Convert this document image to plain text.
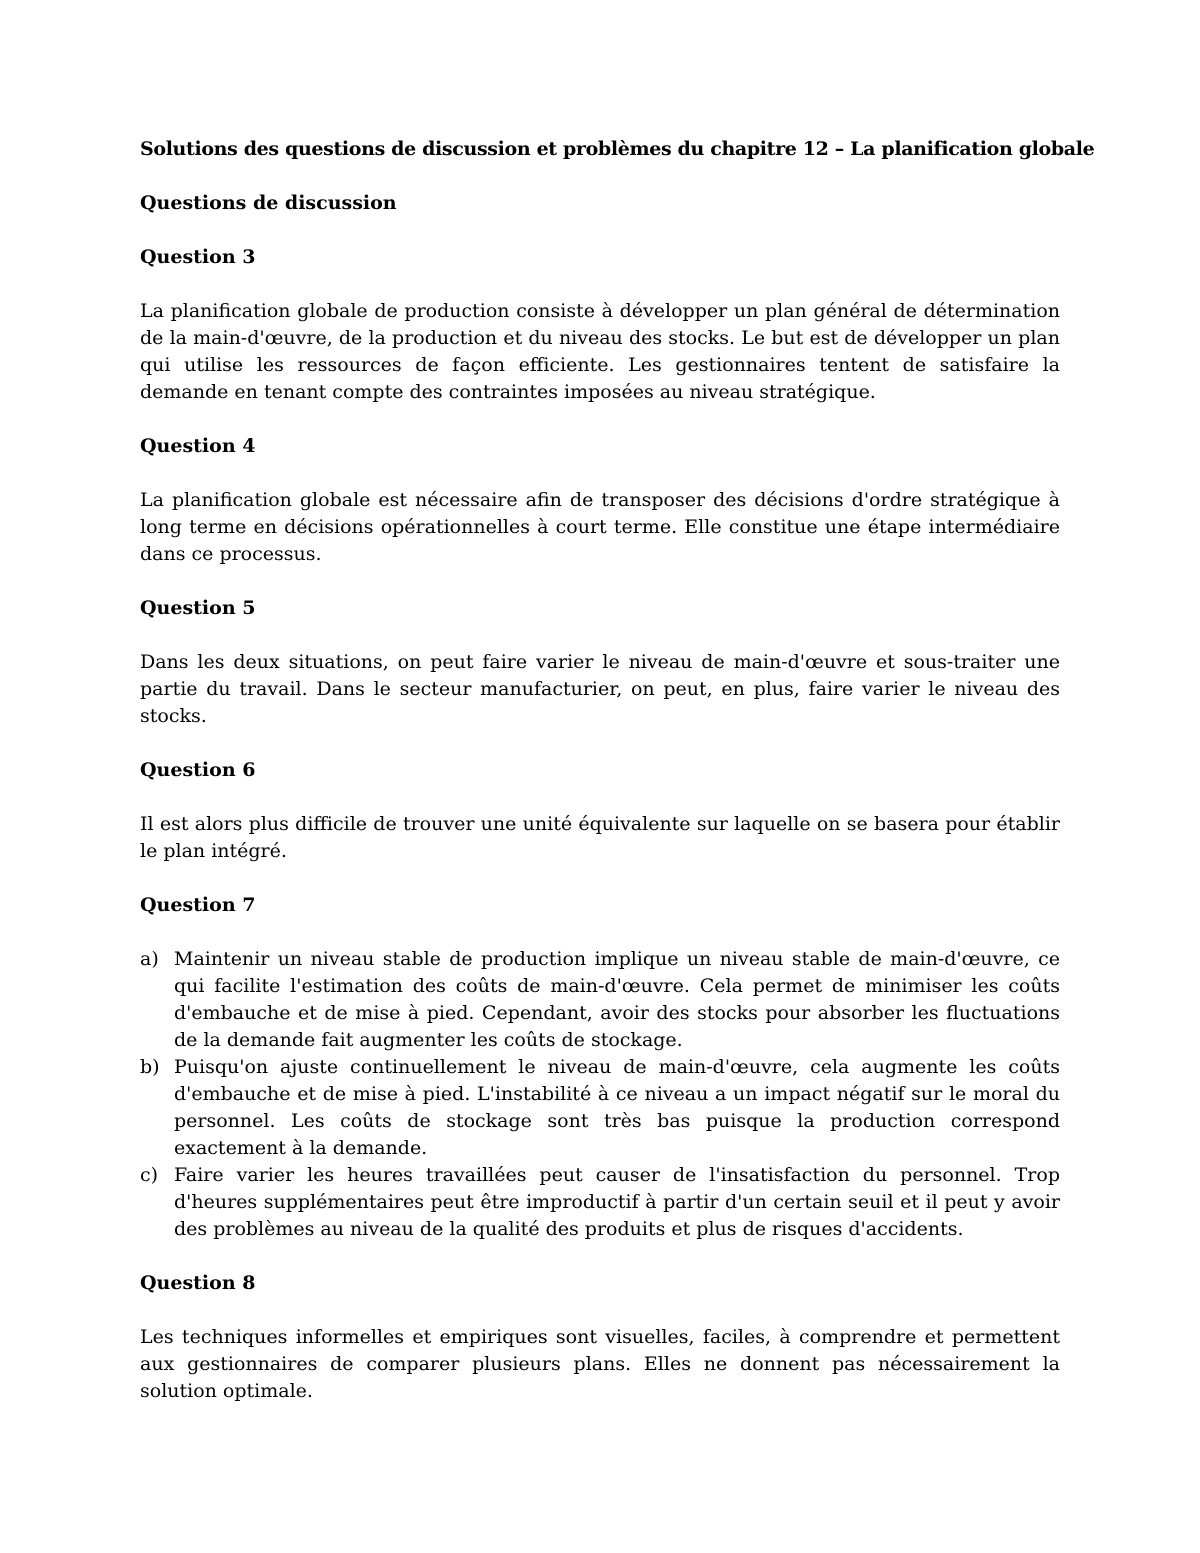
Solutions des questions de discussion et problèmes du chapitre 12 – La planification globale

Questions de discussion

Question 3

La planification globale de production consiste à développer un plan général de détermination de la main-d'œuvre, de la production et du niveau des stocks. Le but est de développer un plan qui utilise les ressources de façon efficiente. Les gestionnaires tentent de satisfaire la demande en tenant compte des contraintes imposées au niveau stratégique.

Question 4

La planification globale est nécessaire afin de transposer des décisions d'ordre stratégique à long terme en décisions opérationnelles à court terme. Elle constitue une étape intermédiaire dans ce processus.

Question 5

Dans les deux situations, on peut faire varier le niveau de main-d'œuvre et sous-traiter une partie du travail. Dans le secteur manufacturier, on peut, en plus, faire varier le niveau des stocks.

Question 6

Il est alors plus difficile de trouver une unité équivalente sur laquelle on se basera pour établir le plan intégré.

Question 7

a) Maintenir un niveau stable de production implique un niveau stable de main-d'œuvre, ce qui facilite l'estimation des coûts de main-d'œuvre. Cela permet de minimiser les coûts d'embauche et de mise à pied. Cependant, avoir des stocks pour absorber les fluctuations de la demande fait augmenter les coûts de stockage.
b) Puisqu'on ajuste continuellement le niveau de main-d'œuvre, cela augmente les coûts d'embauche et de mise à pied. L'instabilité à ce niveau a un impact négatif sur le moral du personnel. Les coûts de stockage sont très bas puisque la production correspond exactement à la demande.
c) Faire varier les heures travaillées peut causer de l'insatisfaction du personnel. Trop d'heures supplémentaires peut être improductif à partir d'un certain seuil et il peut y avoir des problèmes au niveau de la qualité des produits et plus de risques d'accidents.

Question 8

Les techniques informelles et empiriques sont visuelles, faciles, à comprendre et permettent aux gestionnaires de comparer plusieurs plans. Elles ne donnent pas nécessairement la solution optimale.
